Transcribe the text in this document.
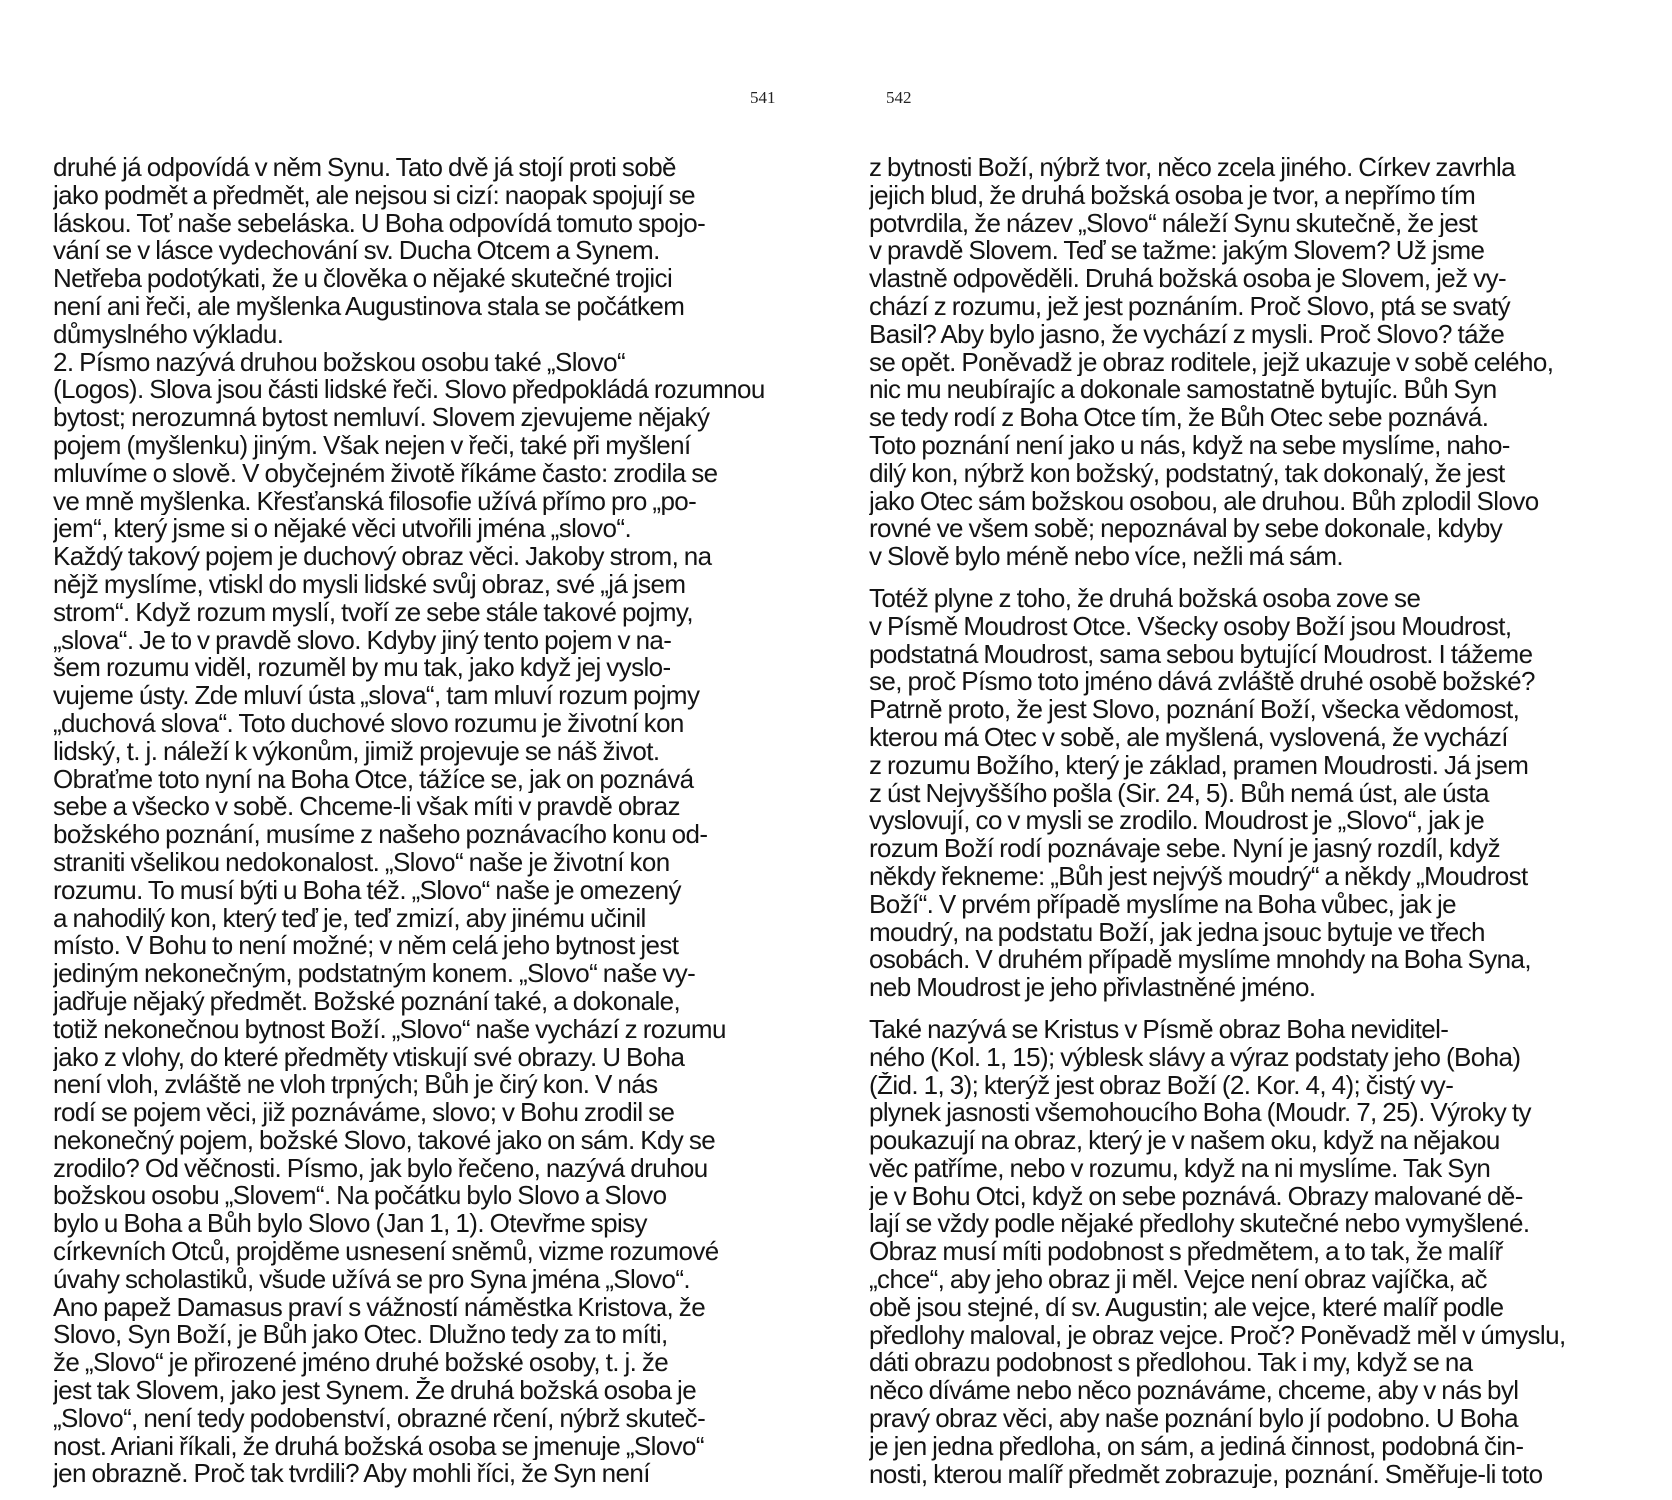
541
druhé já odpovídá v něm Synu. Tato dvě já stojí proti sobě
jako podmět a předmět, ale nejsou si cizí: naopak spojují se
láskou. Toť naše sebeláska. U Boha odpovídá tomuto spojo-
vání se v lásce vydechování sv. Ducha Otcem a Synem.
Netřeba podotýkati, že u člověka o nějaké skutečné trojici
není ani řeči, ale myšlenka Augustinova stala se počátkem
důmyslného výkladu.
2. Písmo nazývá druhou božskou osobu také „Slovo“
(Logos). Slova jsou části lidské řeči. Slovo předpokládá rozumnou
bytost; nerozumná bytost nemluví. Slovem zjevujeme nějaký
pojem (myšlenku) jiným. Však nejen v řeči, také při myšlení
mluvíme o slově. V obyčejném životě říkáme často: zrodila se
ve mně myšlenka. Křesťanská filosofie užívá přímo pro „po-
jem“, který jsme si o nějaké věci utvořili jména „slovo“.
Každý takový pojem je duchový obraz věci. Jakoby strom, na
nějž myslíme, vtiskl do mysli lidské svůj obraz, své „já jsem
strom“. Když rozum myslí, tvoří ze sebe stále takové pojmy,
„slova“. Je to v pravdě slovo. Kdyby jiný tento pojem v na-
šem rozumu viděl, rozuměl by mu tak, jako když jej vyslo-
vujeme ústy. Zde mluví ústa „slova“, tam mluví rozum pojmy
„duchová slova“. Toto duchové slovo rozumu je životní kon
lidský, t. j. náleží k výkonům, jimiž projevuje se náš život.
Obraťme toto nyní na Boha Otce, tážíce se, jak on poznává
sebe a všecko v sobě. Chceme-li však míti v pravdě obraz
božského poznání, musíme z našeho poznávacího konu od-
straniti všelikou nedokonalost. „Slovo“ naše je životní kon
rozumu. To musí býti u Boha též. „Slovo“ naše je omezený
a nahodilý kon, který teď je, teď zmizí, aby jinému učinil
místo. V Bohu to není možné; v něm celá jeho bytnost jest
jediným nekonečným, podstatným konem. „Slovo“ naše vy-
jadřuje nějaký předmět. Božské poznání také, a dokonale,
totiž nekonečnou bytnost Boží. „Slovo“ naše vychází z rozumu
jako z vlohy, do které předměty vtiskují své obrazy. U Boha
není vloh, zvláště ne vloh trpných; Bůh je čirý kon. V nás
rodí se pojem věci, již poznáváme, slovo; v Bohu zrodil se
nekonečný pojem, božské Slovo, takové jako on sám. Kdy se
zrodilo? Od věčnosti. Písmo, jak bylo řečeno, nazývá druhou
božskou osobu „Slovem“. Na počátku bylo Slovo a Slovo
bylo u Boha a Bůh bylo Slovo (Jan 1, 1). Otevřme spisy
církevních Otců, projděme usnesení sněmů, vizme rozumové
úvahy scholastiků, všude užívá se pro Syna jména „Slovo“.
Ano papež Damasus praví s vážností náměstka Kristova, že
Slovo, Syn Boží, je Bůh jako Otec. Dlužno tedy za to míti,
že „Slovo“ je přirozené jméno druhé božské osoby, t. j. že
jest tak Slovem, jako jest Synem. Že druhá božská osoba je
„Slovo“, není tedy podobenství, obrazné rčení, nýbrž skuteč-
nost. Ariani říkali, že druhá božská osoba se jmenuje „Slovo“
jen obrazně. Proč tak tvrdili? Aby mohli říci, že Syn není
542
z bytnosti Boží, nýbrž tvor, něco zcela jiného. Církev zavrhla
jejich blud, že druhá božská osoba je tvor, a nepřímo tím
potvrdila, že název „Slovo“ náleží Synu skutečně, že jest
v pravdě Slovem. Teď se tažme: jakým Slovem? Už jsme
vlastně odpověděli. Druhá božská osoba je Slovem, jež vy-
chází z rozumu, jež jest poznáním. Proč Slovo, ptá se svatý
Basil? Aby bylo jasno, že vychází z mysli. Proč Slovo? táže
se opět. Poněvadž je obraz roditele, jejž ukazuje v sobě celého,
nic mu neubírajíc a dokonale samostatně bytujíc. Bůh Syn
se tedy rodí z Boha Otce tím, že Bůh Otec sebe poznává.
Toto poznání není jako u nás, když na sebe myslíme, naho-
dilý kon, nýbrž kon božský, podstatný, tak dokonalý, že jest
jako Otec sám božskou osobou, ale druhou. Bůh zplodil Slovo
rovné ve všem sobě; nepoznával by sebe dokonale, kdyby
v Slově bylo méně nebo více, nežli má sám.
Totéž plyne z toho, že druhá božská osoba zove se
v Písmě Moudrost Otce. Všecky osoby Boží jsou Moudrost,
podstatná Moudrost, sama sebou bytující Moudrost. I tážeme
se, proč Písmo toto jméno dává zvláště druhé osobě božské?
Patrně proto, že jest Slovo, poznání Boží, všecka vědomost,
kterou má Otec v sobě, ale myšlená, vyslovená, že vychází
z rozumu Božího, který je základ, pramen Moudrosti. Já jsem
z úst Nejvyššího pošla (Sir. 24, 5). Bůh nemá úst, ale ústa
vyslovují, co v mysli se zrodilo. Moudrost je „Slovo“, jak je
rozum Boží rodí poznávaje sebe. Nyní je jasný rozdíl, když
někdy řekneme: „Bůh jest nejvýš moudrý“ a někdy „Moudrost
Boží“. V prvém případě myslíme na Boha vůbec, jak je
moudrý, na podstatu Boží, jak jedna jsouc bytuje ve třech
osobách. V druhém případě myslíme mnohdy na Boha Syna,
neb Moudrost je jeho přivlastněné jméno.
Také nazývá se Kristus v Písmě obraz Boha neviditel-
ného (Kol. 1, 15); výblesk slávy a výraz podstaty jeho (Boha)
(Žid. 1, 3); kterýž jest obraz Boží (2. Kor. 4, 4); čistý vy-
plynek jasnosti všemohoucího Boha (Moudr. 7, 25). Výroky ty
poukazují na obraz, který je v našem oku, když na nějakou
věc patříme, nebo v rozumu, když na ni myslíme. Tak Syn
je v Bohu Otci, když on sebe poznává. Obrazy malované dě-
lají se vždy podle nějaké předlohy skutečné nebo vymyšlené.
Obraz musí míti podobnost s předmětem, a to tak, že malíř
„chce“, aby jeho obraz ji měl. Vejce není obraz vajíčka, ač
obě jsou stejné, dí sv. Augustin; ale vejce, které malíř podle
předlohy maloval, je obraz vejce. Proč? Poněvadž měl v úmyslu,
dáti obrazu podobnost s předlohou. Tak i my, když se na
něco díváme nebo něco poznáváme, chceme, aby v nás byl
pravý obraz věci, aby naše poznání bylo jí podobno. U Boha
je jen jedna předloha, on sám, a jediná činnost, podobná čin-
nosti, kterou malíř předmět zobrazuje, poznání. Směřuje-li toto
